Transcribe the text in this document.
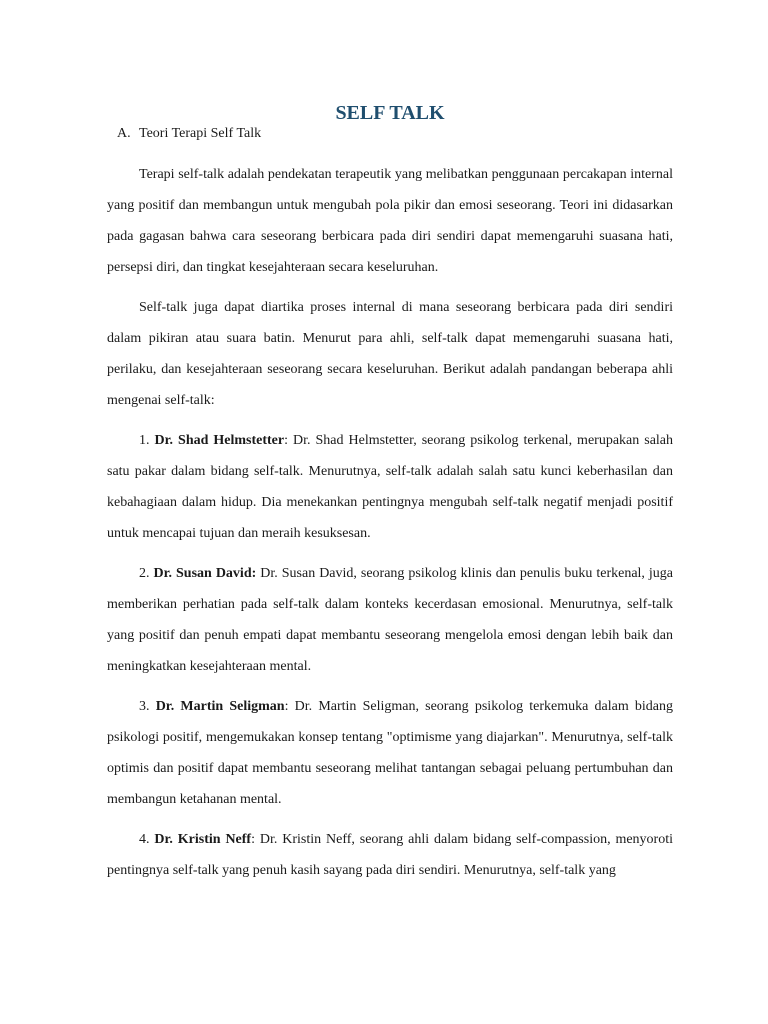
SELF TALK
A. Teori Terapi Self Talk

Terapi self-talk adalah pendekatan terapeutik yang melibatkan penggunaan percakapan internal yang positif dan membangun untuk mengubah pola pikir dan emosi seseorang. Teori ini didasarkan pada gagasan bahwa cara seseorang berbicara pada diri sendiri dapat memengaruhi suasana hati, persepsi diri, dan tingkat kesejahteraan secara keseluruhan.

Self-talk juga dapat diartika proses internal di mana seseorang berbicara pada diri sendiri dalam pikiran atau suara batin. Menurut para ahli, self-talk dapat memengaruhi suasana hati, perilaku, dan kesejahteraan seseorang secara keseluruhan. Berikut adalah pandangan beberapa ahli mengenai self-talk:

1. Dr. Shad Helmstetter: Dr. Shad Helmstetter, seorang psikolog terkenal, merupakan salah satu pakar dalam bidang self-talk. Menurutnya, self-talk adalah salah satu kunci keberhasilan dan kebahagiaan dalam hidup. Dia menekankan pentingnya mengubah self-talk negatif menjadi positif untuk mencapai tujuan dan meraih kesuksesan.

2. Dr. Susan David: Dr. Susan David, seorang psikolog klinis dan penulis buku terkenal, juga memberikan perhatian pada self-talk dalam konteks kecerdasan emosional. Menurutnya, self-talk yang positif dan penuh empati dapat membantu seseorang mengelola emosi dengan lebih baik dan meningkatkan kesejahteraan mental.

3. Dr. Martin Seligman: Dr. Martin Seligman, seorang psikolog terkemuka dalam bidang psikologi positif, mengemukakan konsep tentang "optimisme yang diajarkan". Menurutnya, self-talk optimis dan positif dapat membantu seseorang melihat tantangan sebagai peluang pertumbuhan dan membangun ketahanan mental.

4. Dr. Kristin Neff: Dr. Kristin Neff, seorang ahli dalam bidang self-compassion, menyoroti pentingnya self-talk yang penuh kasih sayang pada diri sendiri. Menurutnya, self-talk yang
